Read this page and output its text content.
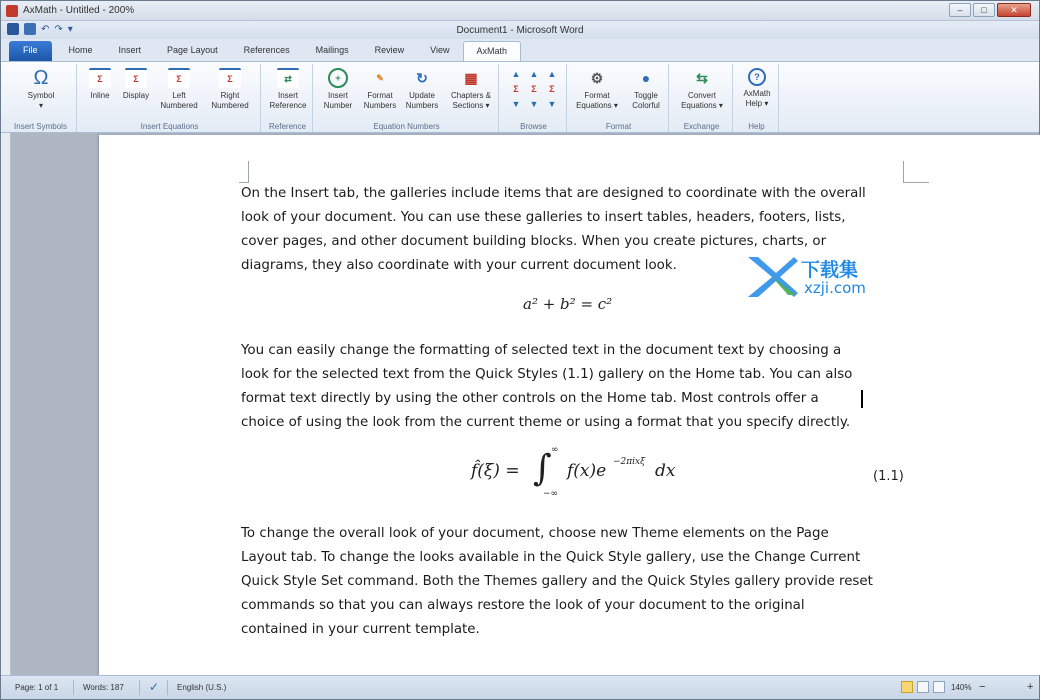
AxMath - Untitled - 200%	–	□	✕
↶ ↷ ▾	Document1 - Microsoft Word
File	Home	Insert	Page Layout	References	Mailings	Review	View	AxMath
Ω
Symbol
▾
Insert Symbols
Σ
Inline
Σ
Display
Σ
Left
Numbered
Σ
Right
Numbered
Insert Equations
⇄
Insert
Reference
Reference
+
Insert
Number
✎
Format
Numbers
↻
Update
Numbers
▦
Chapters &
Sections ▾
Equation Numbers
▲	▲	▲
Σ	Σ	Σ
▼	▼	▼
Browse
⚙
Format
Equations ▾
●
Toggle
Colorful
Format
⇆
Convert
Equations ▾
Exchange
?
AxMath
Help ▾
Help
On the Insert tab, the galleries include items that are designed to coordinate with the overall
look of your document. You can use these galleries to insert tables, headers, footers, lists,
cover pages, and other document building blocks. When you create pictures, charts, or
diagrams, they also coordinate with your current document look.
a² + b² = c²
You can easily change the formatting of selected text in the document text by choosing a
look for the selected text from the Quick Styles (1.1) gallery on the Home tab. You can also
format text directly by using the other controls on the Home tab. Most controls offer a
choice of using the look from the current theme or using a format that you specify directly.
f̂(ξ) = ∫ ∞
−∞
f(x)e −2πixξ dx	(1.1)
To change the overall look of your document, choose new Theme elements on the Page
Layout tab. To change the looks available in the Quick Style gallery, use the Change Current
Quick Style Set command. Both the Themes gallery and the Quick Styles gallery provide reset
commands so that you can always restore the look of your document to the original
contained in your current template.
下载集
xzji.com
Page: 1 of 1	Words: 187 ✓ English (U.S.)	140% −	+
